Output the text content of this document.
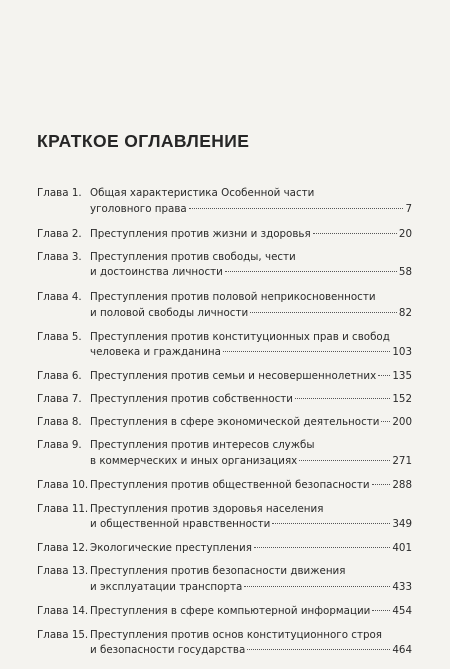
КРАТКОЕ ОГЛАВЛЕНИЕ
Глава 1. Общая характеристика Особенной части
уголовного права	7
Глава 2. Преступления против жизни и здоровья	20
Глава 3. Преступления против свободы, чести
и достоинства личности	58
Глава 4. Преступления против половой неприкосновенности
и половой свободы личности	82
Глава 5. Преступления против конституционных прав и свобод
человека и гражданина	103
Глава 6. Преступления против семьи и несовершеннолетних 135
Глава 7. Преступления против собственности	152
Глава 8. Преступления в сфере экономической деятельности 200
Глава 9. Преступления против интересов службы
в коммерческих и иных организациях	271
Глава 10. Преступления против общественной безопасности 288
Глава 11. Преступления против здоровья населения
и общественной нравственности	349
Глава 12. Экологические преступления	401
Глава 13. Преступления против безопасности движения
и эксплуатации транспорта	433
Глава 14. Преступления в сфере компьютерной информации 454
Глава 15. Преступления против основ конституционного строя
и безопасности государства	464
